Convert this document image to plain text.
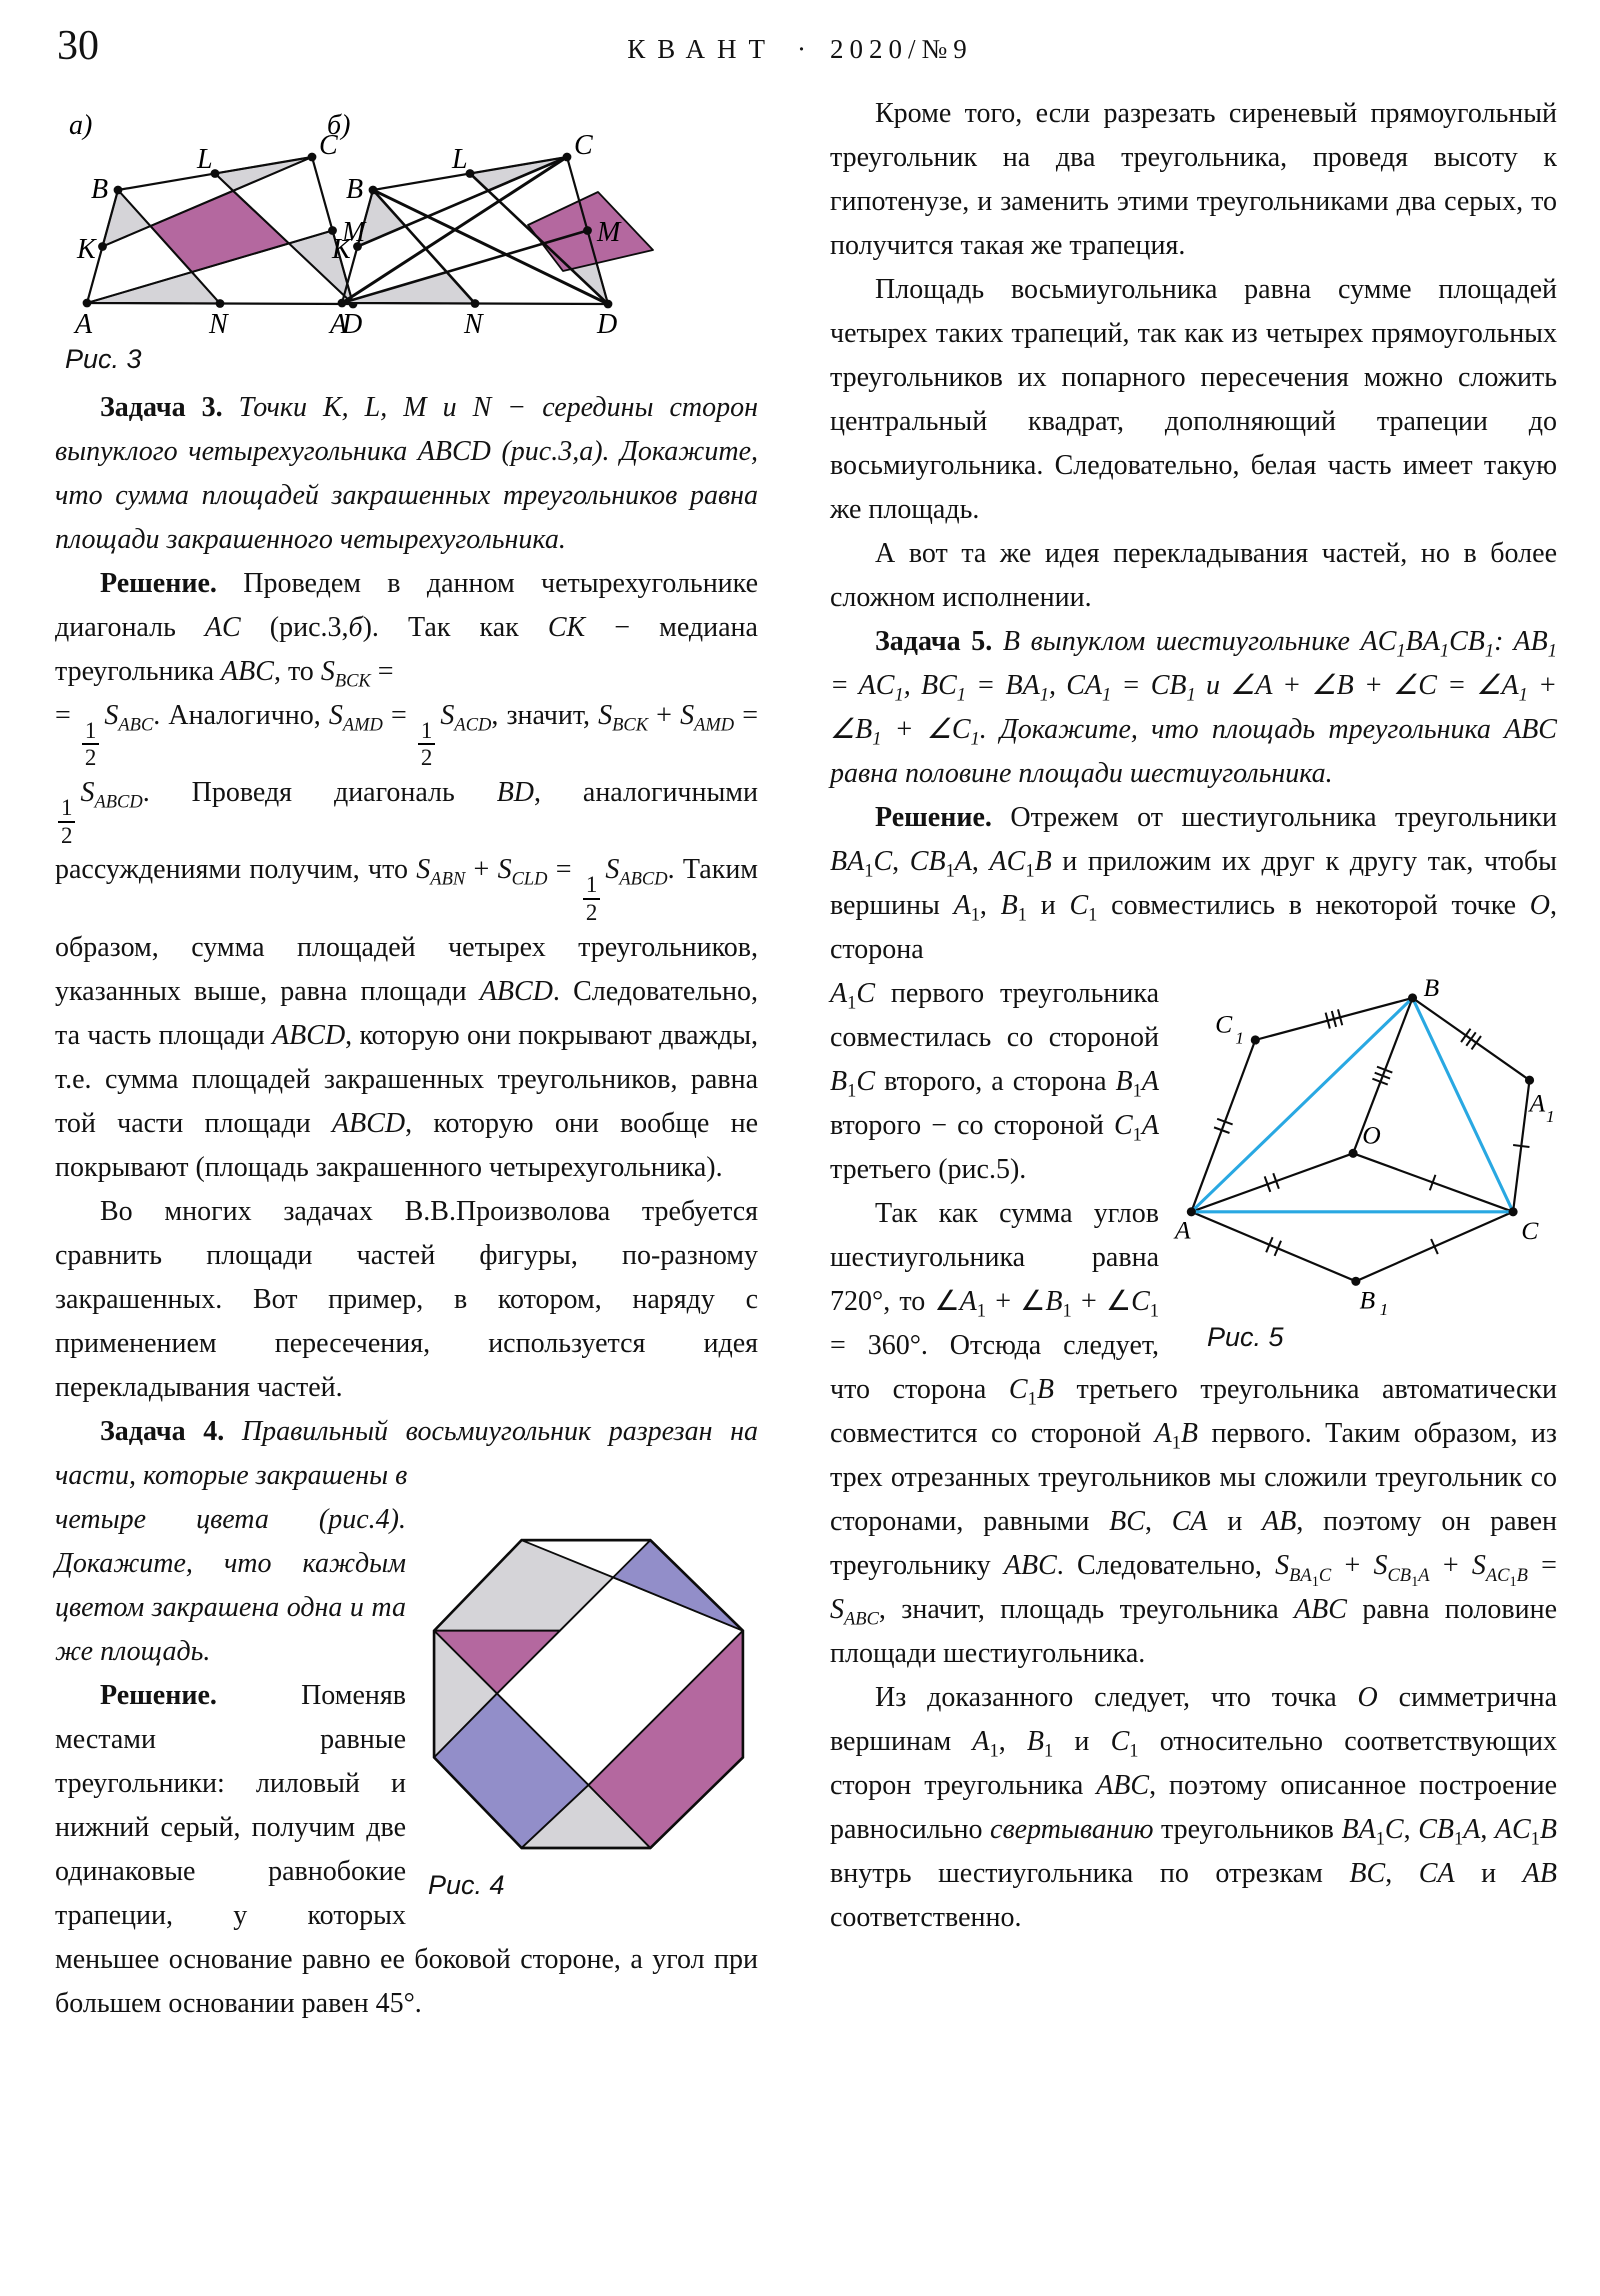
30	КВАНТ · 2020/№9
а)
A
B
C
D
K
L
M
N
б)
A
B
C
D
K
L
M
N
Рис. 3

Задача 3. Точки K, L, M и N − середины сторон выпуклого четырехугольника ABCD (рис.3,а). Докажите, что сумма площадей закрашенных треугольников равна площади закрашенного четырехугольника.

Решение. Проведем в данном четырехугольнике диагональ AC (рис.3,б). Так как CK − медиана треугольника ABC, то $S_{BCK}$ =
=
$\frac{1}{2}$
$S_{ABC}$. Аналогично, $S_{AMD}$ =
$\frac{1}{2}$
$S_{ACD}$, значит, $S_{BCK} + S_{AMD}$ =
$\frac{1}{2}$
$S_{ABCD}$. Проведя диагональ BD, аналогичными рассуждениями получим, что $S_{ABN} + S_{CLD}$ =
$\frac{1}{2}$
$S_{ABCD}$. Таким образом, сумма площадей четырех треугольников, указанных выше, равна площади ABCD. Следовательно, та часть площади ABCD, которую они покрывают дважды, т.е. сумма площадей закрашенных треугольников, равна той части площади ABCD, которую они вообще не покрывают (площадь закрашенного четырехугольника).

Во многих задачах В.В.Произволова требуется сравнить площади частей фигуры, по-разному закрашенных. Вот пример, в котором, наряду с применением пересечения, используется идея перекладывания частей.

Задача 4. Правильный восьмиугольник разрезан на части, которые закрашены в

Рис. 4
четыре цвета (рис.4). Докажите, что каждым цветом закрашена одна и та же площадь.

Решение. Поменяв местами равные треугольники: лиловый и нижний серый, получим две одинаковые равнобокие трапеции, у которых меньшее основание равно ее боковой стороне, а угол при большем основании равен 45°.

Кроме того, если разрезать сиреневый прямоугольный треугольник на два треугольника, проведя высоту к гипотенузе, и заменить этими треугольниками два серых, то получится такая же трапеция.

Площадь восьмиугольника равна сумме площадей четырех таких трапеций, так как из четырех прямоугольных треугольников их попарного пересечения можно сложить центральный квадрат, дополняющий трапеции до восьмиугольника. Следовательно, белая часть имеет такую же площадь.

А вот та же идея перекладывания частей, но в более сложном исполнении.

Задача 5. В выпуклом шестиугольнике $AC_1BA_1CB_1$: $AB_1 = AC_1$, $BC_1 = BA_1$, $CA_1 = CB_1$ и ∠A + ∠B + ∠C = $\angle A_1$ + $\angle B_1$ + $\angle C_1$. Докажите, что площадь треугольника ABC равна половине площади шестиугольника.

Решение. Отрежем от шестиугольника треугольники $BA_1C$, $CB_1A$, $AC_1B$ и приложим их друг к другу так, чтобы вершины $A_1$, $B_1$ и $C_1$ совместились в некоторой точке O, сторона

A
B
C
O
C 1
A 1
B 1
Рис. 5
$A_1C$ первого треугольника совместилась со стороной $B_1C$ второго, а сторона $B_1A$ второго − со стороной $C_1A$ третьего (рис.5).

Так как сумма углов шестиугольника равна 720°, то $\angle A_1$ + $\angle B_1$ + $\angle C_1 = 360^\circ$. Отсюда следует, что сторона $C_1B$ третьего треугольника автоматически совместится со стороной $A_1B$ первого. Таким образом, из трех отрезанных треугольников мы сложили треугольник со сторонами, равными BC, CA и AB, поэтому он равен треугольнику ABC. Следовательно, $S_{BA_1C} + S_{CB_1A} + S_{AC_1B} = S_{ABC}$, значит, площадь треугольника ABC равна половине площади шестиугольника.

Из доказанного следует, что точка O симметрична вершинам $A_1$, $B_1$ и $C_1$ относительно соответствующих сторон треугольника ABC, поэтому описанное построение равносильно свертыванию треугольников $BA_1C$, $CB_1A$, $AC_1B$ внутрь шестиугольника по отрезкам BC, CA и AB соответственно.
